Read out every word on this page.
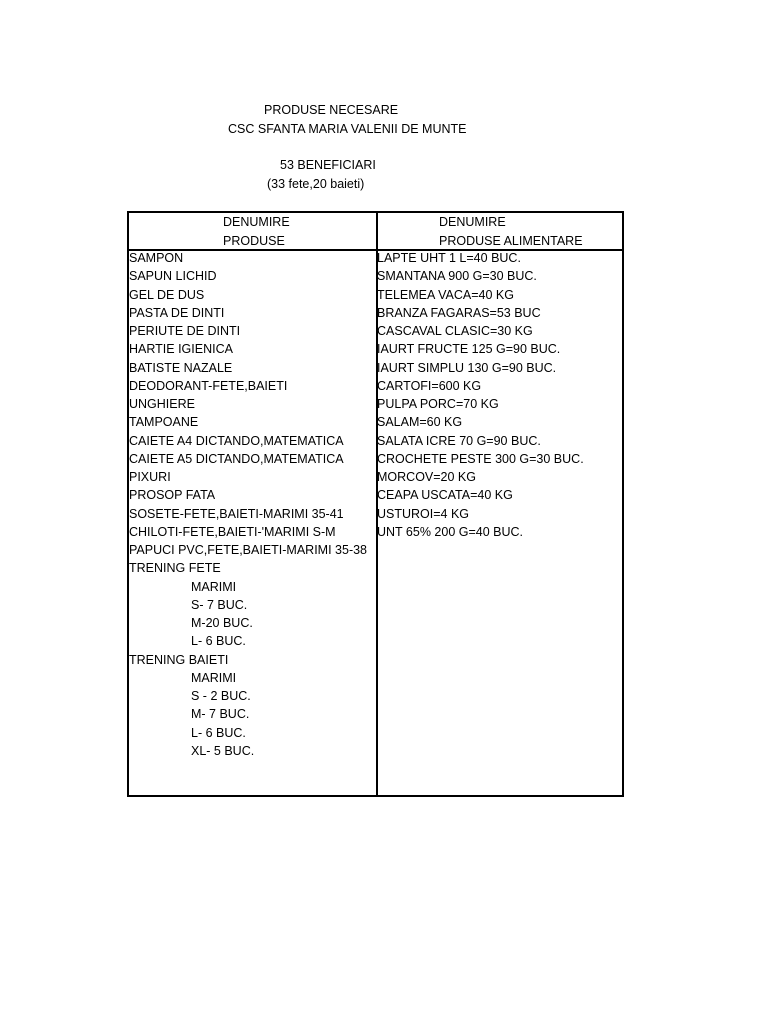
PRODUSE NECESARE
CSC SFANTA MARIA VALENII DE MUNTE
53 BENEFICIARI
(33 fete,20 baieti)
DENUMIRE
PRODUSE
DENUMIRE
PRODUSE ALIMENTARE
SAMPON
SAPUN LICHID
GEL DE DUS
PASTA DE DINTI
PERIUTE DE DINTI
HARTIE IGIENICA
BATISTE NAZALE
DEODORANT-FETE,BAIETI
UNGHIERE
TAMPOANE
CAIETE A4 DICTANDO,MATEMATICA
CAIETE A5 DICTANDO,MATEMATICA
PIXURI
PROSOP FATA
SOSETE-FETE,BAIETI-MARIMI 35-41
CHILOTI-FETE,BAIETI-'MARIMI S-M
PAPUCI PVC,FETE,BAIETI-MARIMI 35-38
TRENING FETE
MARIMI
S- 7 BUC.
M-20 BUC.
L- 6 BUC.
TRENING BAIETI
MARIMI
S - 2 BUC.
M- 7 BUC.
L- 6 BUC.
XL- 5 BUC.
LAPTE UHT 1 L=40 BUC.
SMANTANA 900 G=30 BUC.
TELEMEA VACA=40 KG
BRANZA FAGARAS=53 BUC
CASCAVAL CLASIC=30 KG
IAURT FRUCTE 125 G=90 BUC.
IAURT SIMPLU 130 G=90 BUC.
CARTOFI=600 KG
PULPA PORC=70 KG
SALAM=60 KG
SALATA ICRE 70 G=90 BUC.
CROCHETE PESTE 300 G=30 BUC.
MORCOV=20 KG
CEAPA USCATA=40 KG
USTUROI=4 KG
UNT 65% 200 G=40 BUC.
